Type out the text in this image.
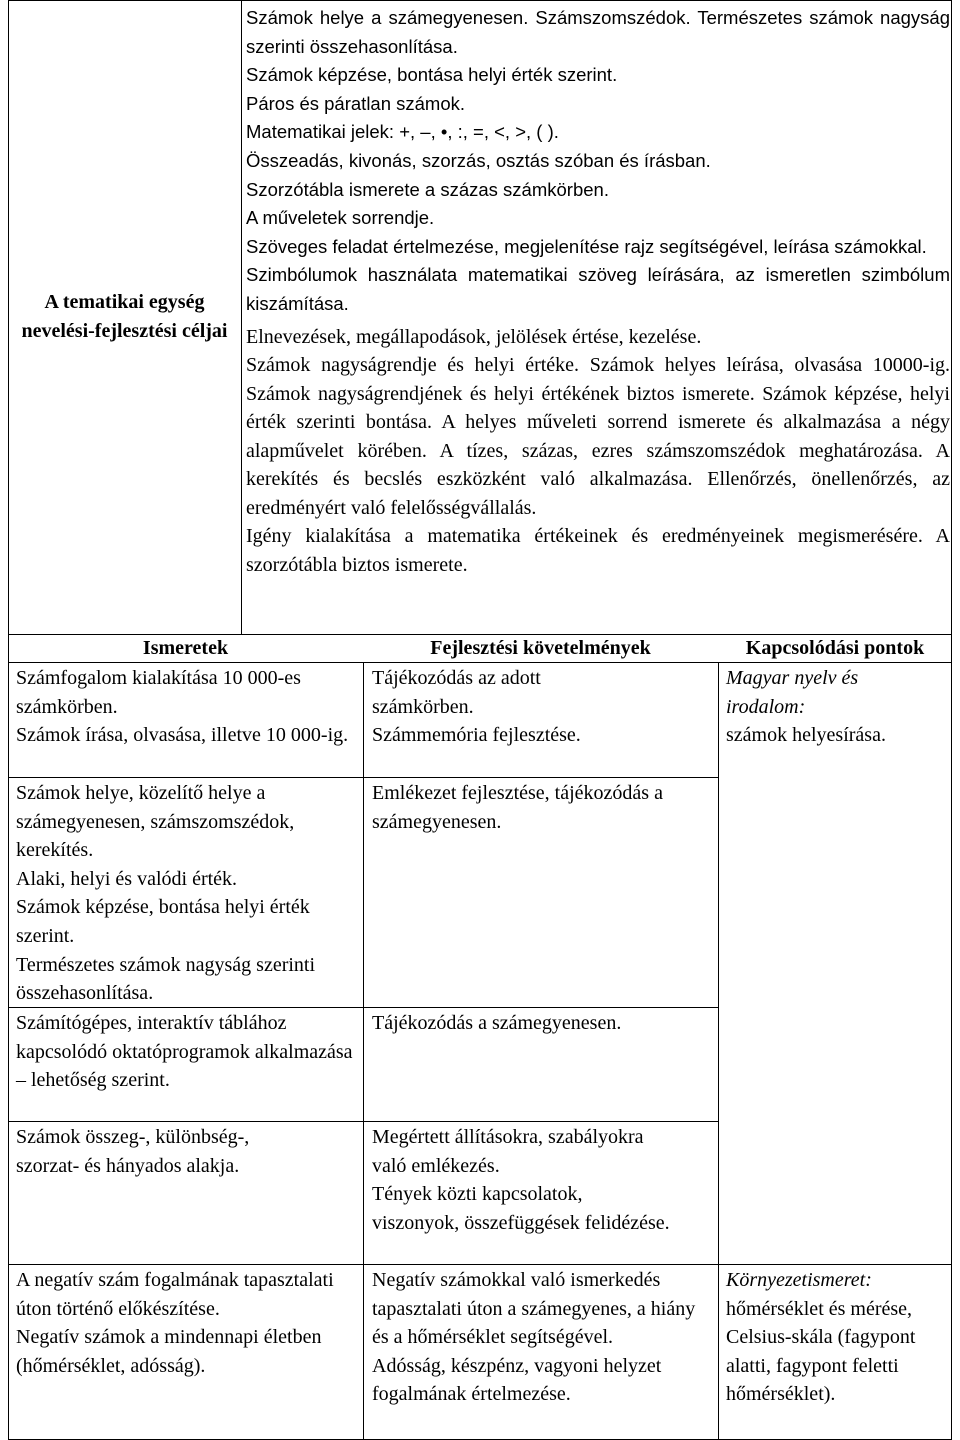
A tematikai egység nevelési-fejlesztési céljai

Számok helye a számegyenesen. Számszomszédok. Természetes számok nagyság szerinti összehasonlítása.

Számok képzése, bontása helyi érték szerint.

Páros és páratlan számok.

Matematikai jelek: +, –, •, :, =, <, >, ( ).

Összeadás, kivonás, szorzás, osztás szóban és írásban.

Szorzótábla ismerete a százas számkörben.

A műveletek sorrendje.

Szöveges feladat értelmezése, megjelenítése rajz segítségével, leírása számokkal.

Szimbólumok használata matematikai szöveg leírására, az ismeretlen szimbólum kiszámítása.

Elnevezések, megállapodások, jelölések értése, kezelése.

Számok nagyságrendje és helyi értéke. Számok helyes leírása, olvasása 10000-ig. Számok nagyságrendjének és helyi értékének biztos ismerete. Számok képzése, helyi érték szerinti bontása. A helyes műveleti sorrend ismerete és alkalmazása a négy alapművelet körében. A tízes, százas, ezres számszomszédok meghatározása. A kerekítés és becslés eszközként való alkalmazása. Ellenőrzés, önellenőrzés, az eredményért való felelősségvállalás.

Igény kialakítása a matematika értékeinek és eredményeinek megismerésére. A szorzótábla biztos ismerete.

Ismeretek	Fejlesztési követelmények	Kapcsolódási pontok

Számfogalom kialakítása 10 000-es számkörben.

Számok írása, olvasása, illetve 10 000-ig.

Tájékozódás az adott számkörben.

Számmemória fejlesztése.

Magyar nyelv és irodalom:

számok helyesírása.

Számok helye, közelítő helye a számegyenesen, számszomszédok, kerekítés.

Alaki, helyi és valódi érték.

Számok képzése, bontása helyi érték szerint.

Természetes számok nagyság szerinti összehasonlítása.

Emlékezet fejlesztése, tájékozódás a számegyenesen.

Számítógépes, interaktív táblához kapcsolódó oktatóprogramok alkalmazása – lehetőség szerint.

Tájékozódás a számegyenesen.

Számok összeg-, különbség-, szorzat- és hányados alakja.

Megértett állításokra, szabályokra való emlékezés.

Tények közti kapcsolatok, viszonyok, összefüggések felidézése.

A negatív szám fogalmának tapasztalati úton történő előkészítése.

Negatív számok a mindennapi életben (hőmérséklet, adósság).

Negatív számokkal való ismerkedés tapasztalati úton a számegyenes, a hiány és a hőmérséklet segítségével.

Adósság, készpénz, vagyoni helyzet fogalmának értelmezése.

Környezetismeret:

hőmérséklet és mérése, Celsius-skála (fagypont alatti, fagypont feletti hőmérséklet).
